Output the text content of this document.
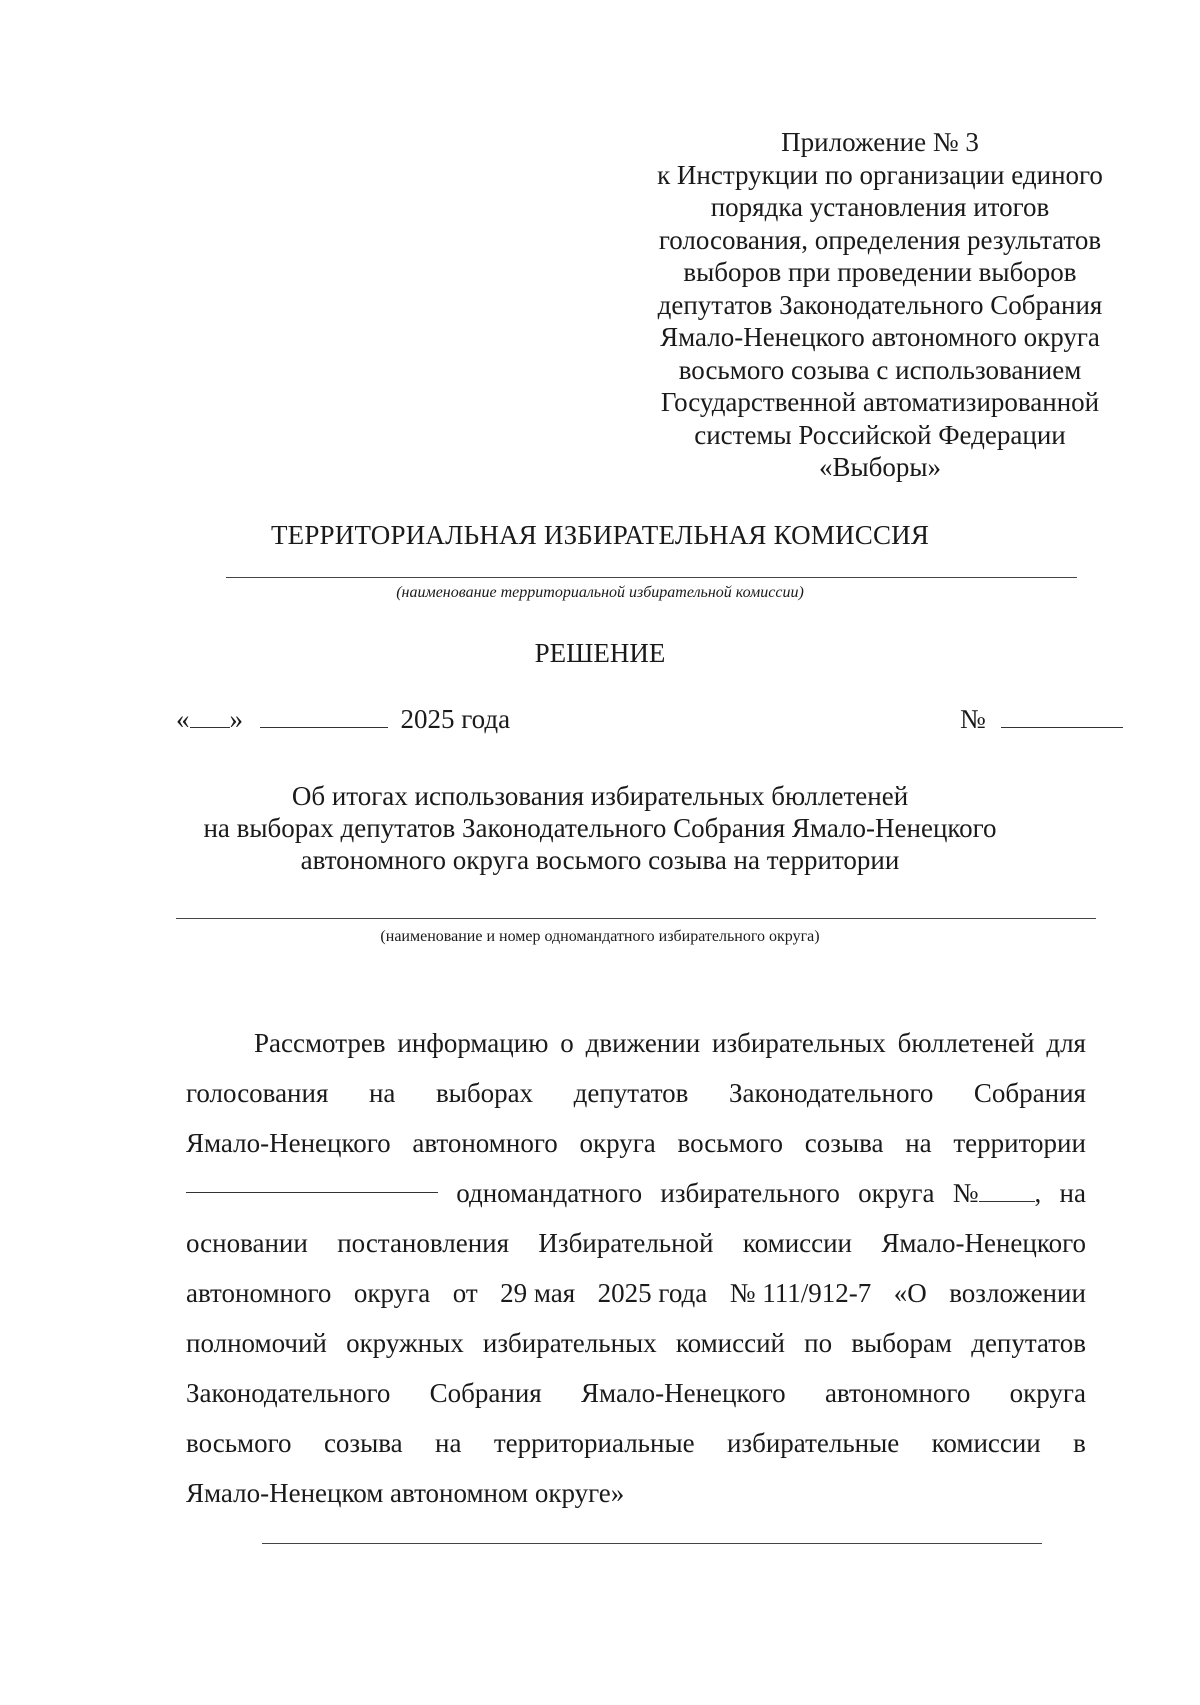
Приложение № 3
к Инструкции по организации единого
порядка установления итогов
голосования, определения результатов
выборов при проведении выборов
депутатов Законодательного Собрания
Ямало-Ненецкого автономного округа
восьмого созыва с использованием
Государственной автоматизированной
системы Российской Федерации
«Выборы»
ТЕРРИТОРИАЛЬНАЯ ИЗБИРАТЕЛЬНАЯ КОМИССИЯ
(наименование территориальной избирательной комиссии)
РЕШЕНИЕ
« »	2025 года	№
Об итогах использования избирательных бюллетеней
на выборах депутатов Законодательного Собрания Ямало-Ненецкого
автономного округа восьмого созыва на территории
(наименование и номер одномандатного избирательного округа)
Рассмотрев информацию о движении избирательных бюллетеней для
голосования на выборах депутатов Законодательного Собрания
Ямало-Ненецкого автономного округа восьмого созыва на территории
одномандатного избирательного округа № , на
основании постановления Избирательной комиссии Ямало-Ненецкого
автономного округа от 29 мая 2025 года № 111/912-7 «О возложении
полномочий окружных избирательных комиссий по выборам депутатов
Законодательного Собрания Ямало-Ненецкого автономного округа
восьмого созыва на территориальные избирательные комиссии в
Ямало-Ненецком автономном округе»
